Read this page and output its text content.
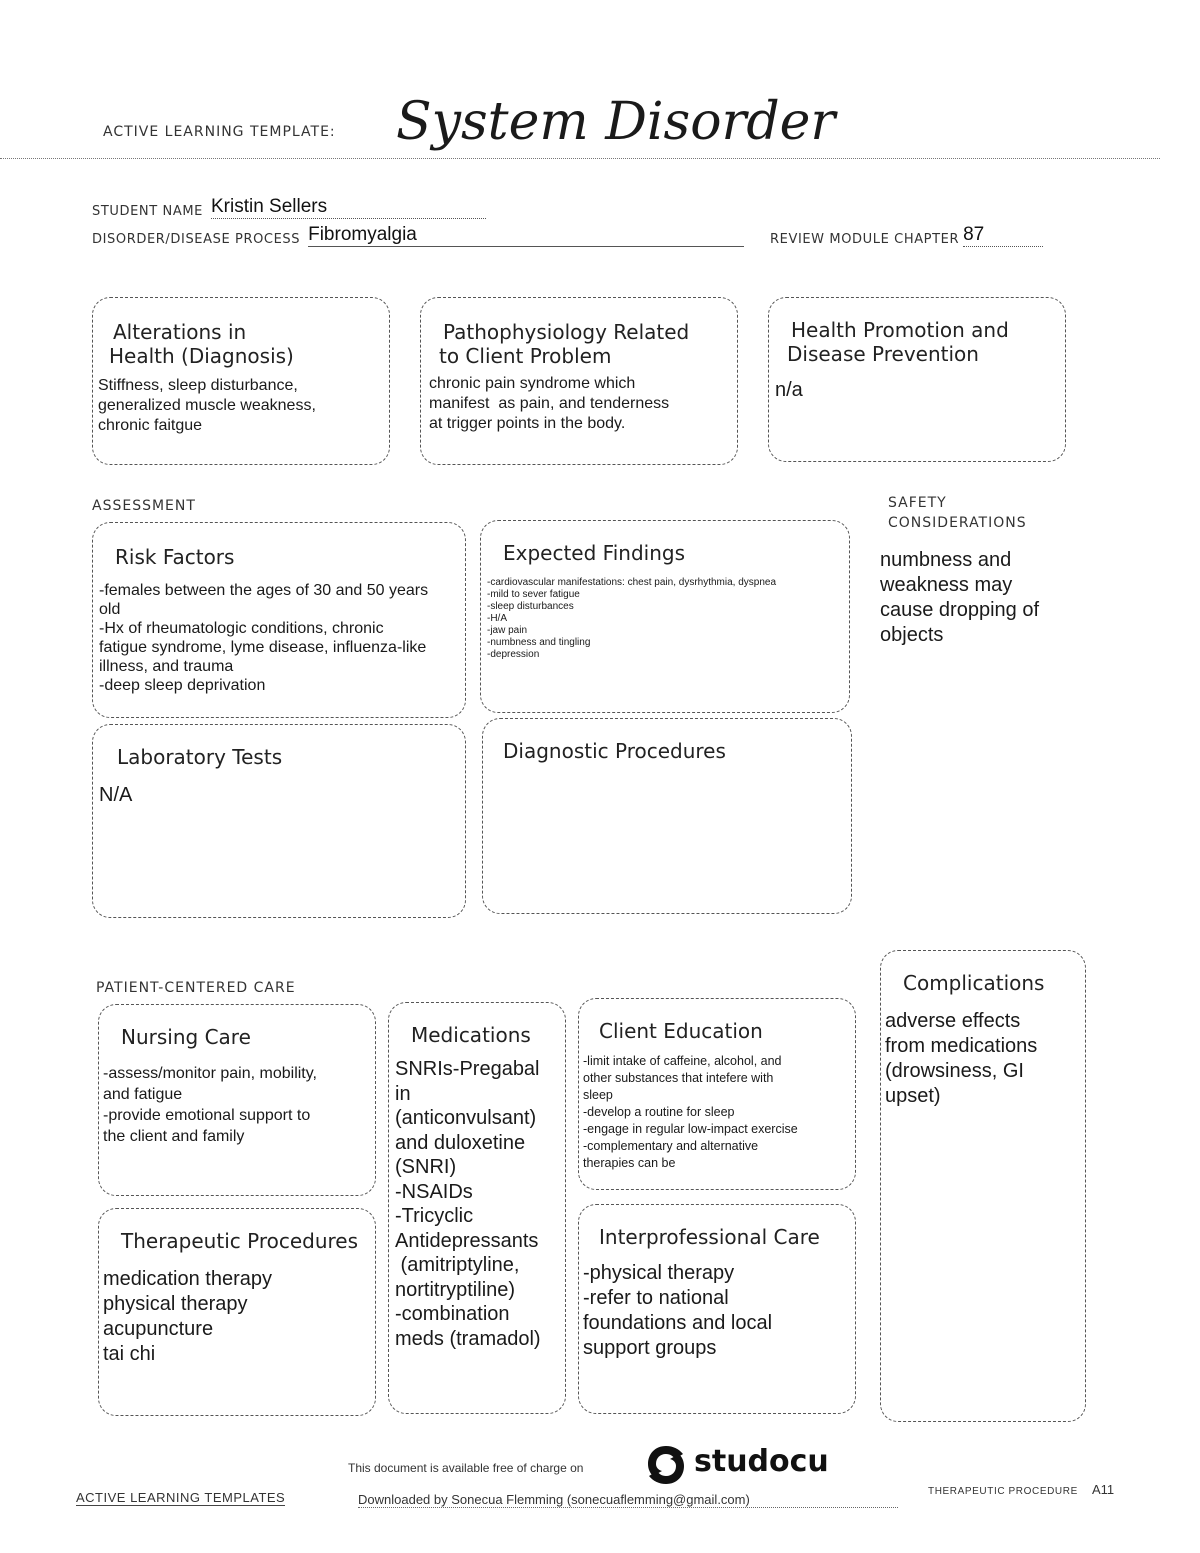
ACTIVE LEARNING TEMPLATE: System Disorder
STUDENT NAME Kristin Sellers
DISORDER/DISEASE PROCESS Fibromyalgia	REVIEW MODULE CHAPTER 87
Alterations in
Health (Diagnosis)
Stiffness, sleep disturbance,
generalized muscle weakness,
chronic faitgue
Pathophysiology Related
to Client Problem
chronic pain syndrome which
manifest  as pain, and tenderness
at trigger points in the body.
Health Promotion and
Disease Prevention
n/a
ASSESSMENT	SAFETY
CONSIDERATIONS
numbness and
weakness may
cause dropping of
objects
Risk Factors
-females between the ages of 30 and 50 years
old
-Hx of rheumatologic conditions, chronic
fatigue syndrome, lyme disease, influenza-like
illness, and trauma
-deep sleep deprivation
Expected Findings
-cardiovascular manifestations: chest pain, dysrhythmia, dyspnea
-mild to sever fatigue
-sleep disturbances
-H/A
-jaw pain
-numbness and tingling
-depression
Laboratory Tests
N/A
Diagnostic Procedures
PATIENT-CENTERED CARE	Complications
adverse effects
from medications
(drowsiness, GI
upset)
Nursing Care
-assess/monitor pain, mobility,
and fatigue
-provide emotional support to
the client and family
Medications
SNRIs-Pregabal
in
(anticonvulsant)
and duloxetine
(SNRI)
-NSAIDs
-Tricyclic
Antidepressants
(amitriptyline,
nortitryptiline)
-combination
meds (tramadol)
Client Education
-limit intake of caffeine, alcohol, and
other substances that intefere with
sleep
-develop a routine for sleep
-engage in regular low-impact exercise
-complementary and alternative
therapies can be
Therapeutic Procedures
medication therapy
physical therapy
acupuncture
tai chi
Interprofessional Care
-physical therapy
-refer to national
foundations and local
support groups
This document is available free of charge on	studocu
ACTIVE LEARNING TEMPLATES	Downloaded by Sonecua Flemming (sonecuaflemming@gmail.com)
THERAPEUTIC PROCEDURE A11
